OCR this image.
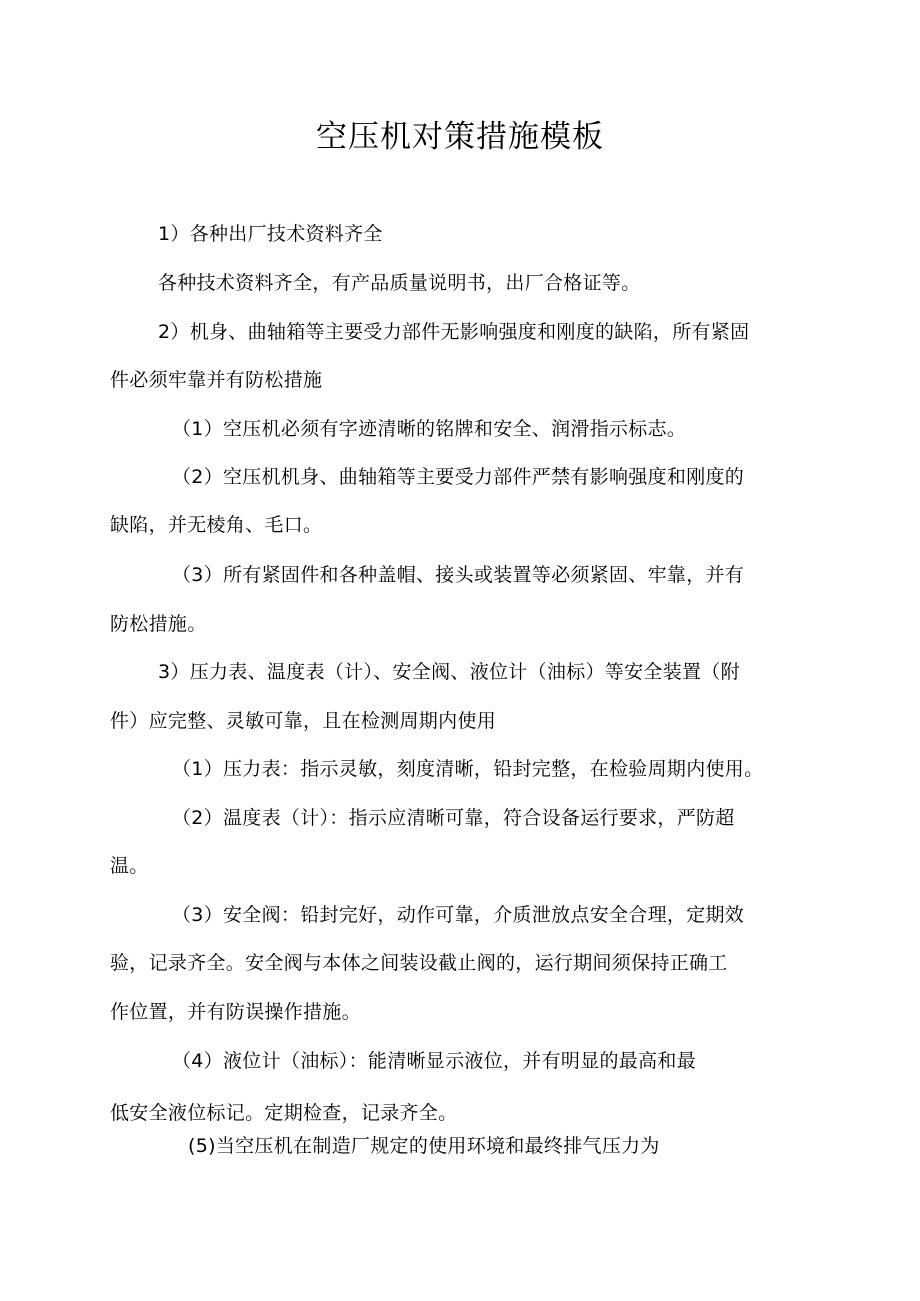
空压机对策措施模板

1）各种出厂技术资料齐全

各种技术资料齐全，有产品质量说明书，出厂合格证等。

2）机身、曲轴箱等主要受力部件无影响强度和刚度的缺陷，所有紧固

件必须牢靠并有防松措施

（1）空压机必须有字迹清晰的铭牌和安全、润滑指示标志。

（2）空压机机身、曲轴箱等主要受力部件严禁有影响强度和刚度的

缺陷，并无棱角、毛口。

（3）所有紧固件和各种盖帽、接头或装置等必须紧固、牢靠，并有

防松措施。

3）压力表、温度表（计）、安全阀、液位计（油标）等安全装置（附

件）应完整、灵敏可靠，且在检测周期内使用

（1）压力表：指示灵敏，刻度清晰，铅封完整，在检验周期内使用。

（2）温度表（计）：指示应清晰可靠，符合设备运行要求，严防超

温。

（3）安全阀：铅封完好，动作可靠，介质泄放点安全合理，定期效

验，记录齐全。安全阀与本体之间装设截止阀的，运行期间须保持正确工

作位置，并有防误操作措施。

（4）液位计（油标）：能清晰显示液位，并有明显的最高和最

低安全液位标记。定期检查，记录齐全。

(5)当空压机在制造厂规定的使用环境和最终排气压力为
